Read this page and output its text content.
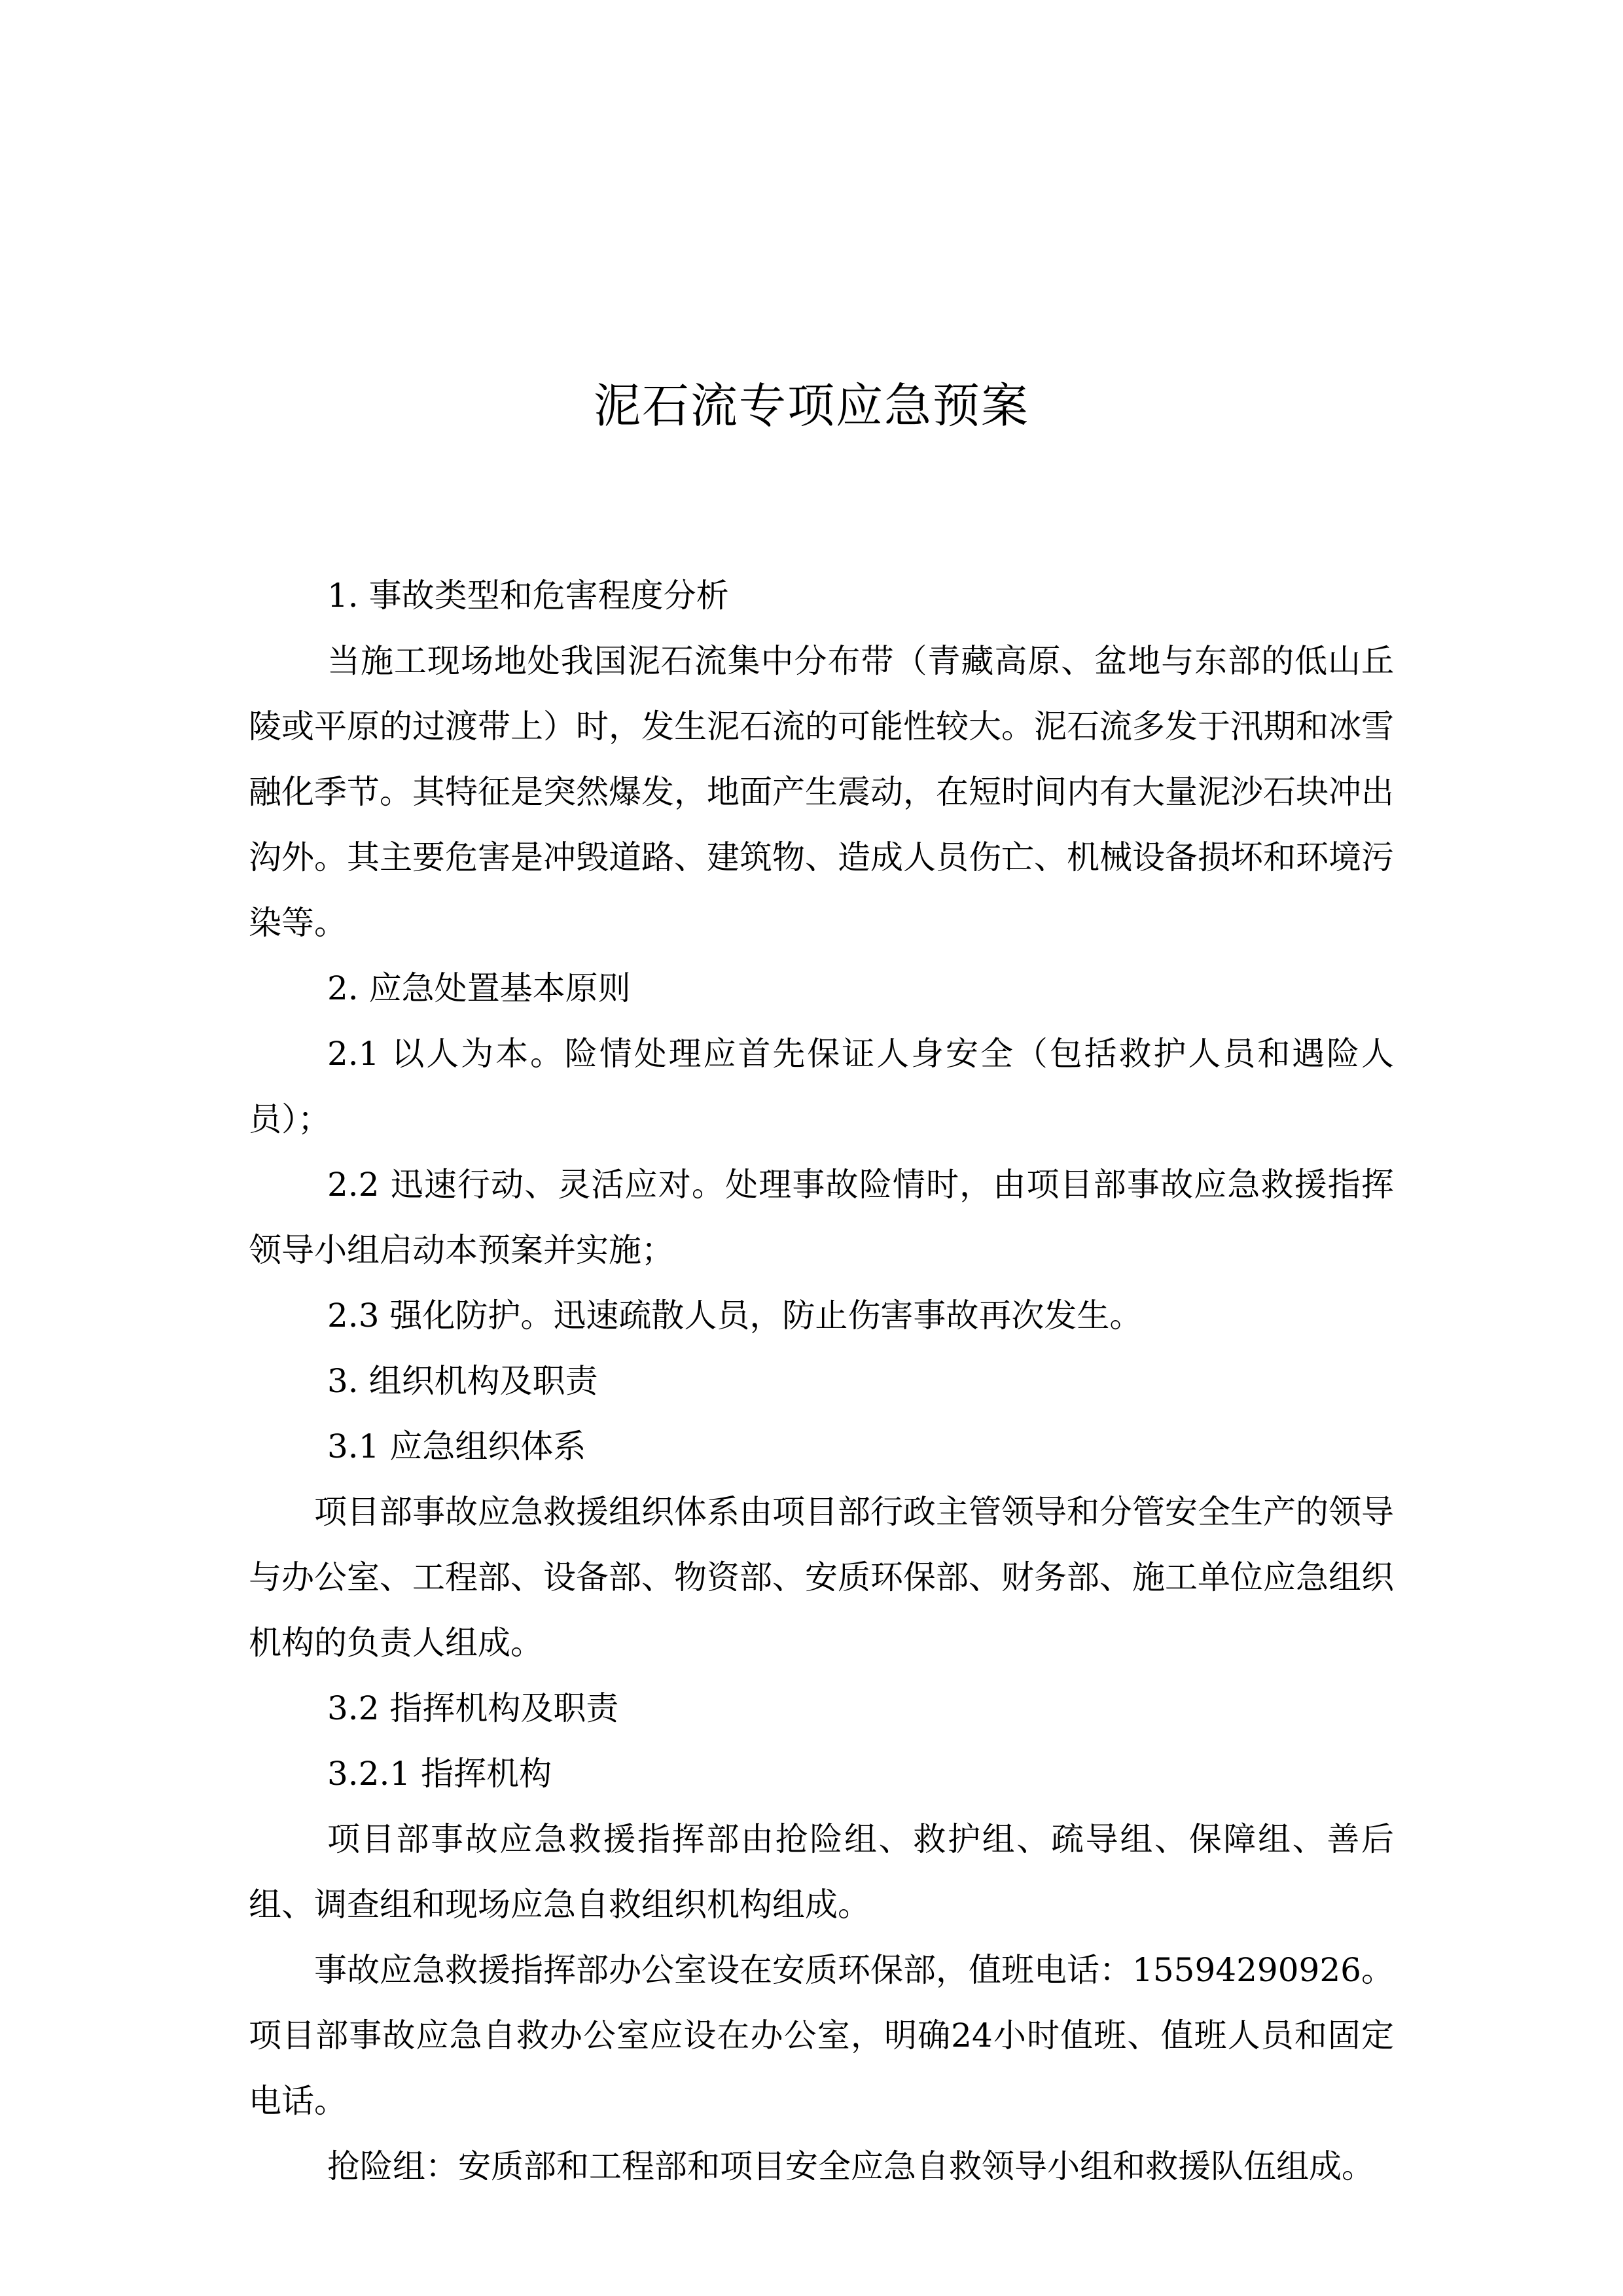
泥石流专项应急预案

1. 事故类型和危害程度分析

当施工现场地处我国泥石流集中分布带（青藏高原、盆地与东部的低山丘陵或平原的过渡带上）时，发生泥石流的可能性较大。泥石流多发于汛期和冰雪融化季节。其特征是突然爆发，地面产生震动，在短时间内有大量泥沙石块冲出沟外。其主要危害是冲毁道路、建筑物、造成人员伤亡、机械设备损坏和环境污染等。

2. 应急处置基本原则

2.1 以人为本。险情处理应首先保证人身安全（包括救护人员和遇险人员）；

2.2 迅速行动、灵活应对。处理事故险情时，由项目部事故应急救援指挥领导小组启动本预案并实施；

2.3 强化防护。迅速疏散人员，防止伤害事故再次发生。

3. 组织机构及职责

3.1 应急组织体系

项目部事故应急救援组织体系由项目部行政主管领导和分管安全生产的领导与办公室、工程部、设备部、物资部、安质环保部、财务部、施工单位应急组织机构的负责人组成。

3.2 指挥机构及职责

3.2.1 指挥机构

项目部事故应急救援指挥部由抢险组、救护组、疏导组、保障组、善后组、调查组和现场应急自救组织机构组成。

事故应急救援指挥部办公室设在安质环保部，值班电话：15594290926。项目部事故应急自救办公室应设在办公室，明确24小时值班、值班人员和固定电话。

抢险组：安质部和工程部和项目安全应急自救领导小组和救援队伍组成。
